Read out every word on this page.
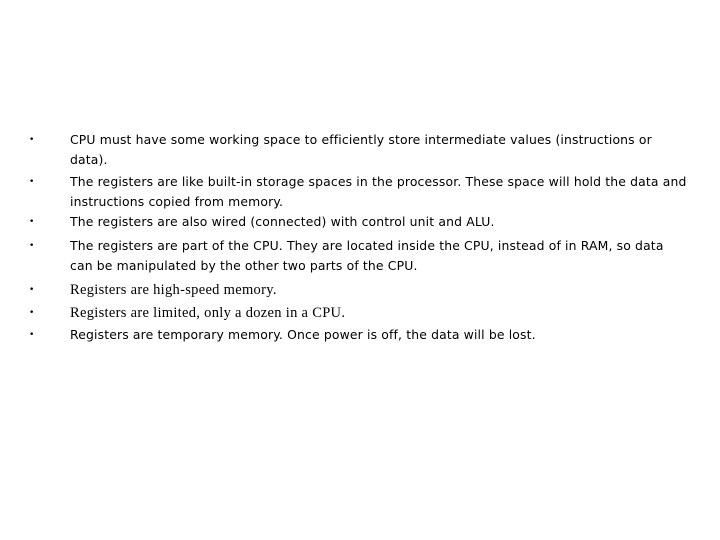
•	CPU must have some working space to efficiently store intermediate values (instructions or data).
•	The registers are like built-in storage spaces in the processor. These space will hold the data and instructions copied from memory.
•	The registers are also wired (connected) with control unit and ALU.
•	The registers are part of the CPU. They are located inside the CPU, instead of in RAM, so data can be manipulated by the other two parts of the CPU.
• Registers are high-speed memory.
• Registers are limited, only a dozen in a CPU.
•	Registers are temporary memory. Once power is off, the data will be lost.
